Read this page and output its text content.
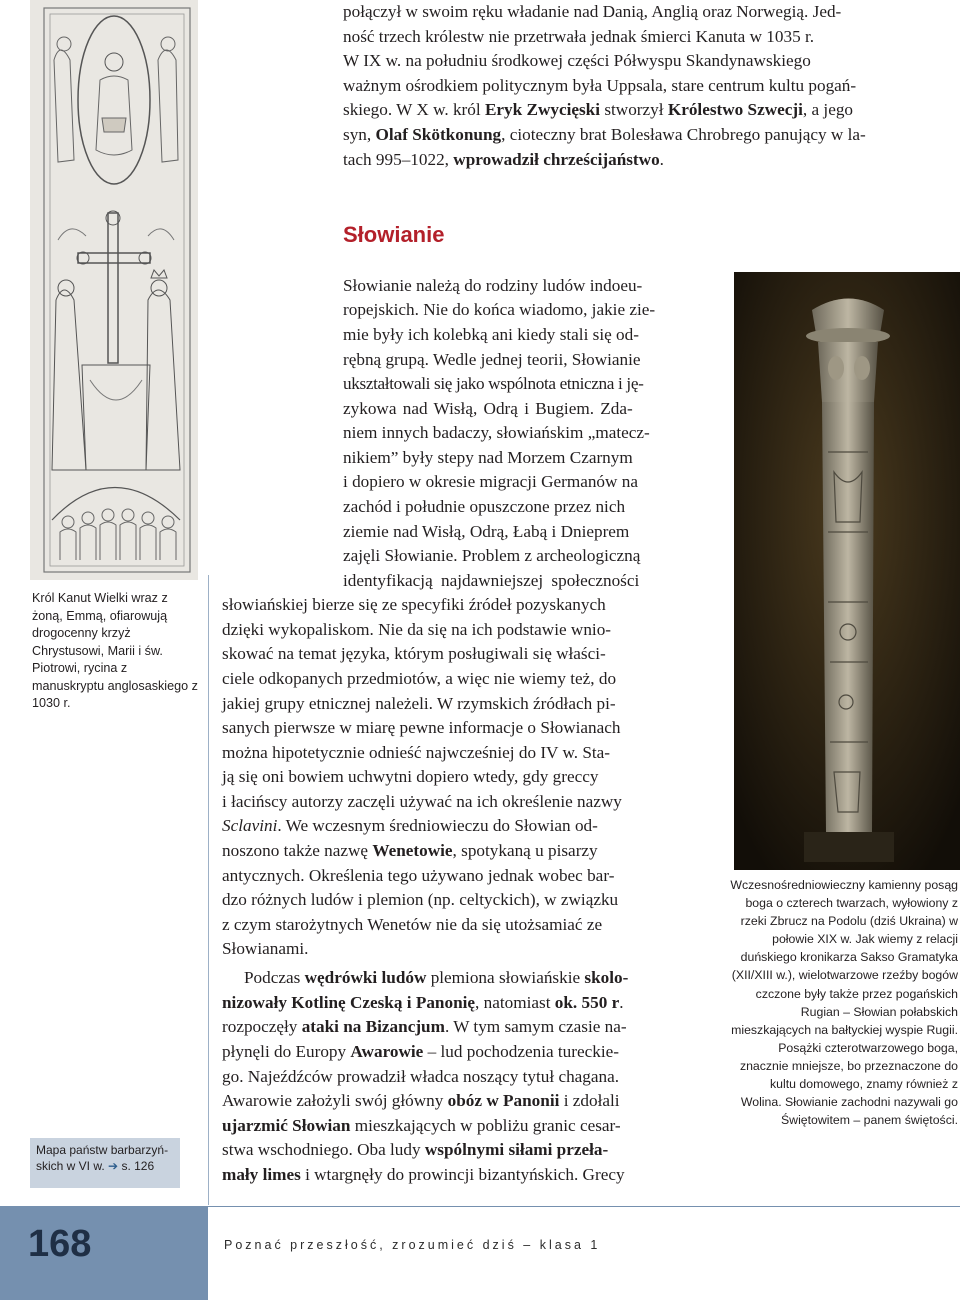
Król Kanut Wielki wraz z żoną, Emmą, ofiarowują drogocenny krzyż Chrystusowi, Marii i św. Piotrowi, rycina z manuskryptu anglosaskiego z 1030 r.
Mapa państw barbarzyń-skich w VI w. ➔ s. 126
połączył w swoim ręku władanie nad Danią, Anglią oraz Norwegią. Jed-
ność trzech królestw nie przetrwała jednak śmierci Kanuta w 1035 r.
W IX w. na południu środkowej części Półwyspu Skandynawskiego
ważnym ośrodkiem politycznym była Uppsala, stare centrum kultu pogań-
skiego. W X w. król Eryk Zwycięski stworzył Królestwo Szwecji, a jego
syn, Olaf Skötkonung, cioteczny brat Bolesława Chrobrego panujący w la-
tach 995–1022, wprowadził chrześcijaństwo.
Słowianie
Wczesnośredniowieczny kamienny posąg boga o czterech twarzach, wyłowiony z rzeki Zbrucz na Podolu (dziś Ukraina) w połowie XIX w. Jak wiemy z relacji duńskiego kronikarza Sakso Gramatyka (XII/XIII w.), wielotwarzowe rzeźby bogów czczone były także przez pogańskich Rugian – Słowian połabskich mieszkających na bałtyckiej wyspie Rugii. Posążki czterotwarzowego boga, znacznie mniejsze, bo przeznaczone do kultu domowego, znamy również z Wolina. Słowianie zachodni nazywali go Świętowitem – panem świętości.
Słowianie należą do rodziny ludów indoeu-
ropejskich. Nie do końca wiadomo, jakie zie-
mie były ich kolebką ani kiedy stali się od-
rębną grupą. Wedle jednej teorii, Słowianie
ukształtowali się jako wspólnota etniczna i ję-
zykowa nad Wisłą, Odrą i Bugiem. Zda-
niem innych badaczy, słowiańskim „matecz-
nikiem” były stepy nad Morzem Czarnym
i dopiero w okresie migracji Germanów na
zachód i południe opuszczone przez nich
ziemie nad Wisłą, Odrą, Łabą i Dnieprem
zajęli Słowianie. Problem z archeologiczną
identyfikacją najdawniejszej społeczności
słowiańskiej bierze się ze specyfiki źródeł pozyskanych
dzięki wykopaliskom. Nie da się na ich podstawie wnio-
skować na temat języka, którym posługiwali się właści-
ciele odkopanych przedmiotów, a więc nie wiemy też, do
jakiej grupy etnicznej należeli. W rzymskich źródłach pi-
sanych pierwsze w miarę pewne informacje o Słowianach
można hipotetycznie odnieść najwcześniej do IV w. Sta-
ją się oni bowiem uchwytni dopiero wtedy, gdy greccy
i łacińscy autorzy zaczęli używać na ich określenie nazwy
Sclavini. We wczesnym średniowieczu do Słowian od-
noszono także nazwę Wenetowie, spotykaną u pisarzy
antycznych. Określenia tego używano jednak wobec bar-
dzo różnych ludów i plemion (np. celtyckich), w związku
z czym starożytnych Wenetów nie da się utożsamiać ze
Słowianami.
Podczas wędrówki ludów plemiona słowiańskie skolo-
nizowały Kotlinę Czeską i Panonię, natomiast ok. 550 r.
rozpoczęły ataki na Bizancjum. W tym samym czasie na-
płynęli do Europy Awarowie – lud pochodzenia tureckie-
go. Najeźdźców prowadził władca noszący tytuł chagana.
Awarowie założyli swój główny obóz w Panonii i zdołali
ujarzmić Słowian mieszkających w pobliżu granic cesar-
stwa wschodniego. Oba ludy wspólnymi siłami przeła-
mały limes i wtargnęły do prowincji bizantyńskich. Grecy
168	Poznać przeszłość, zrozumieć dziś – klasa 1
